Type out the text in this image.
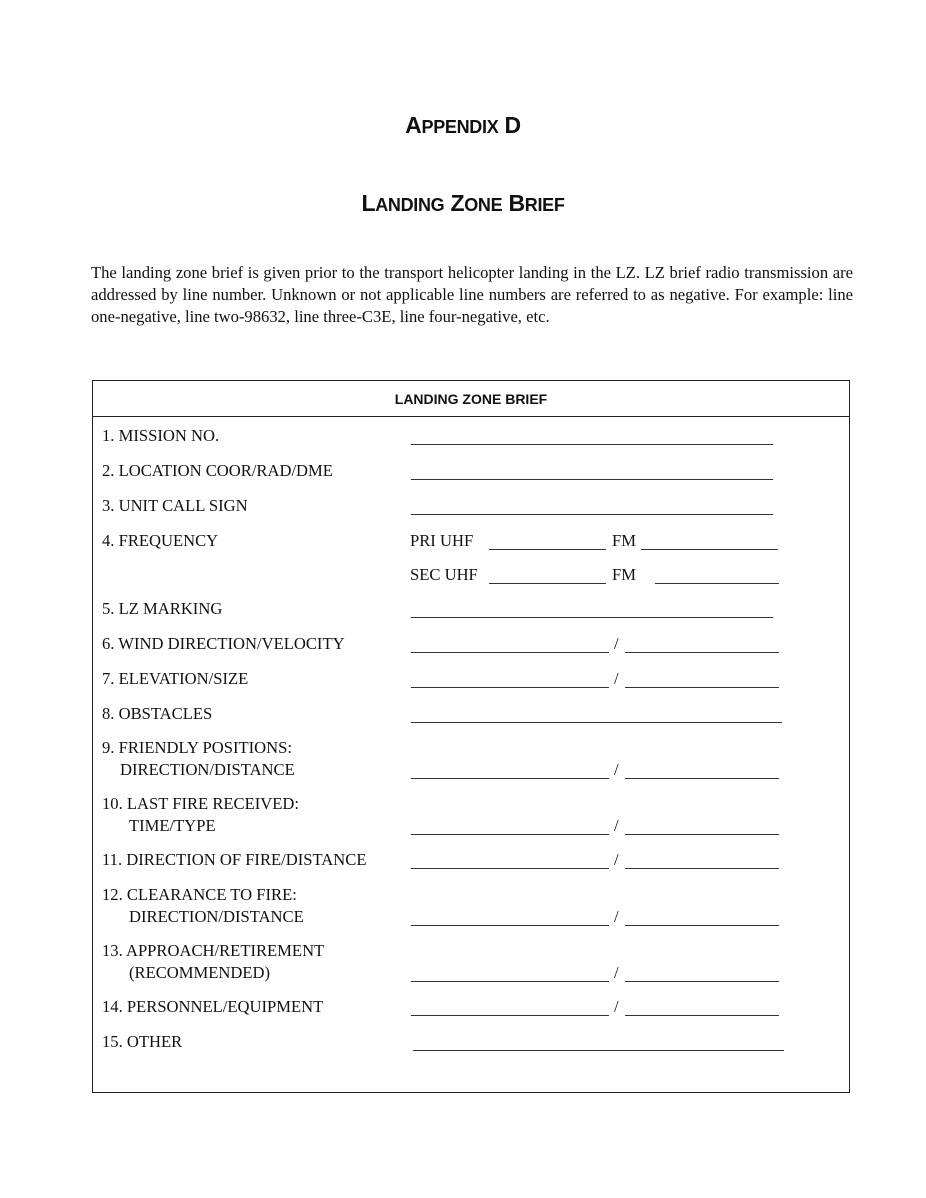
APPENDIX D
LANDING ZONE BRIEF

The landing zone brief is given prior to the transport helicopter landing in the LZ. LZ brief radio transmission are addressed by line number. Unknown or not applicable line numbers are referred to as negative. For example: line one-negative, line two-98632, line three-C3E, line four-negative, etc.

LANDING ZONE BRIEF
1. MISSION NO.
2. LOCATION COOR/RAD/DME
3. UNIT CALL SIGN
4. FREQUENCY	PRI UHF	FM
SEC UHF	FM
5. LZ MARKING
6. WIND DIRECTION/VELOCITY	/
7. ELEVATION/SIZE	/
8. OBSTACLES
9. FRIENDLY POSITIONS:
DIRECTION/DISTANCE	/
10. LAST FIRE RECEIVED:
TIME/TYPE	/
11. DIRECTION OF FIRE/DISTANCE	/
12. CLEARANCE TO FIRE:
DIRECTION/DISTANCE	/
13. APPROACH/RETIREMENT
(RECOMMENDED)	/
14. PERSONNEL/EQUIPMENT	/
15. OTHER
